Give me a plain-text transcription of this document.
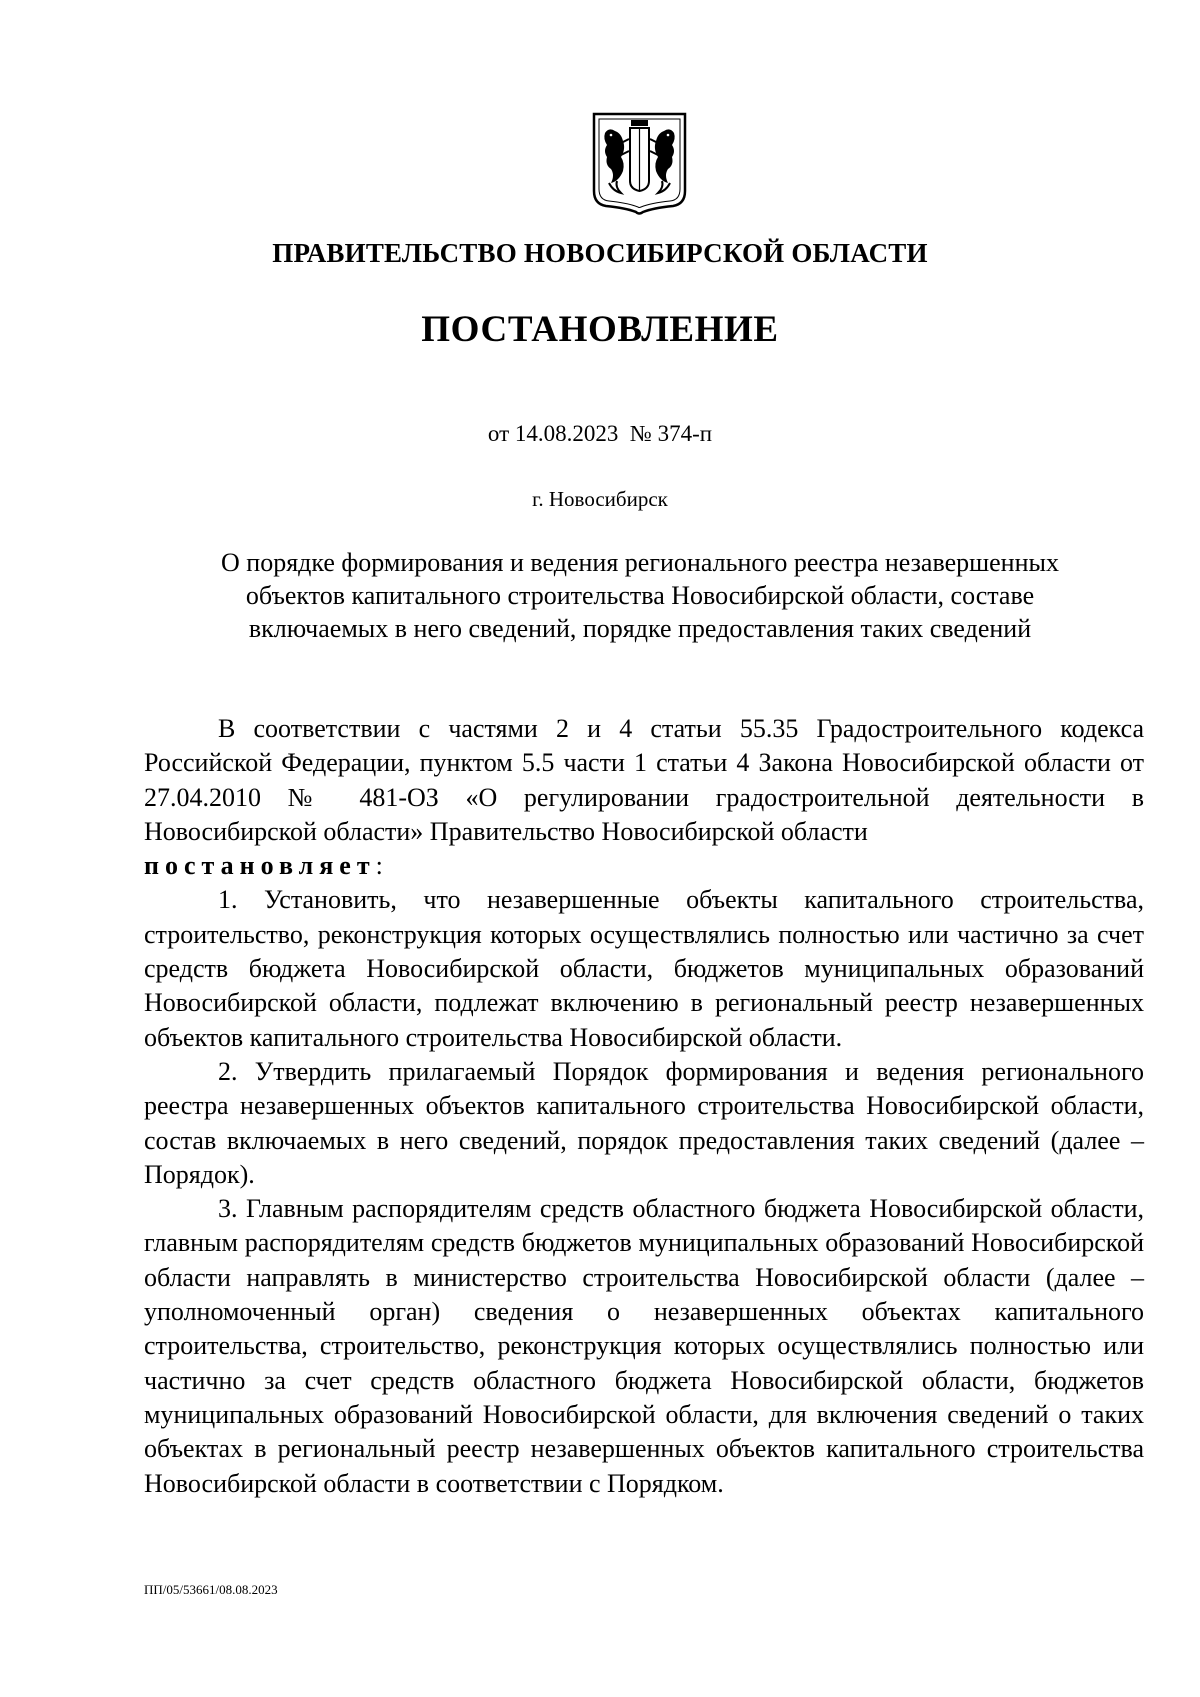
ПРАВИТЕЛЬСТВО НОВОСИБИРСКОЙ ОБЛАСТИ
ПОСТАНОВЛЕНИЕ
от 14.08.2023  № 374-п
г. Новосибирск
О порядке формирования и ведения регионального реестра незавершенных
объектов капитального строительства Новосибирской области, составе
включаемых в него сведений, порядке предоставления таких сведений

В соответствии с частями 2 и 4 статьи 55.35 Градостроительного кодекса Российской Федерации, пунктом 5.5 части 1 статьи 4 Закона Новосибирской области от 27.04.2010 № 481-ОЗ «О регулировании градостроительной деятельности в Новосибирской области» Правительство Новосибирской области

постановляет:

1. Установить, что незавершенные объекты капитального строительства, строительство, реконструкция которых осуществлялись полностью или частично за счет средств бюджета Новосибирской области, бюджетов муниципальных образований Новосибирской области, подлежат включению в региональный реестр незавершенных объектов капитального строительства Новосибирской области.

2. Утвердить прилагаемый Порядок формирования и ведения регионального реестра незавершенных объектов капитального строительства Новосибирской области, состав включаемых в него сведений, порядок предоставления таких сведений (далее – Порядок).

3. Главным распорядителям средств областного бюджета Новосибирской области, главным распорядителям средств бюджетов муниципальных образований Новосибирской области направлять в министерство строительства Новосибирской области (далее – уполномоченный орган) сведения о незавершенных объектах капитального строительства, строительство, реконструкция которых осуществлялись полностью или частично за счет средств областного бюджета Новосибирской области, бюджетов муниципальных образований Новосибирской области, для включения сведений о таких объектах в региональный реестр незавершенных объектов капитального строительства Новосибирской области в соответствии с Порядком.

ПП/05/53661/08.08.2023
